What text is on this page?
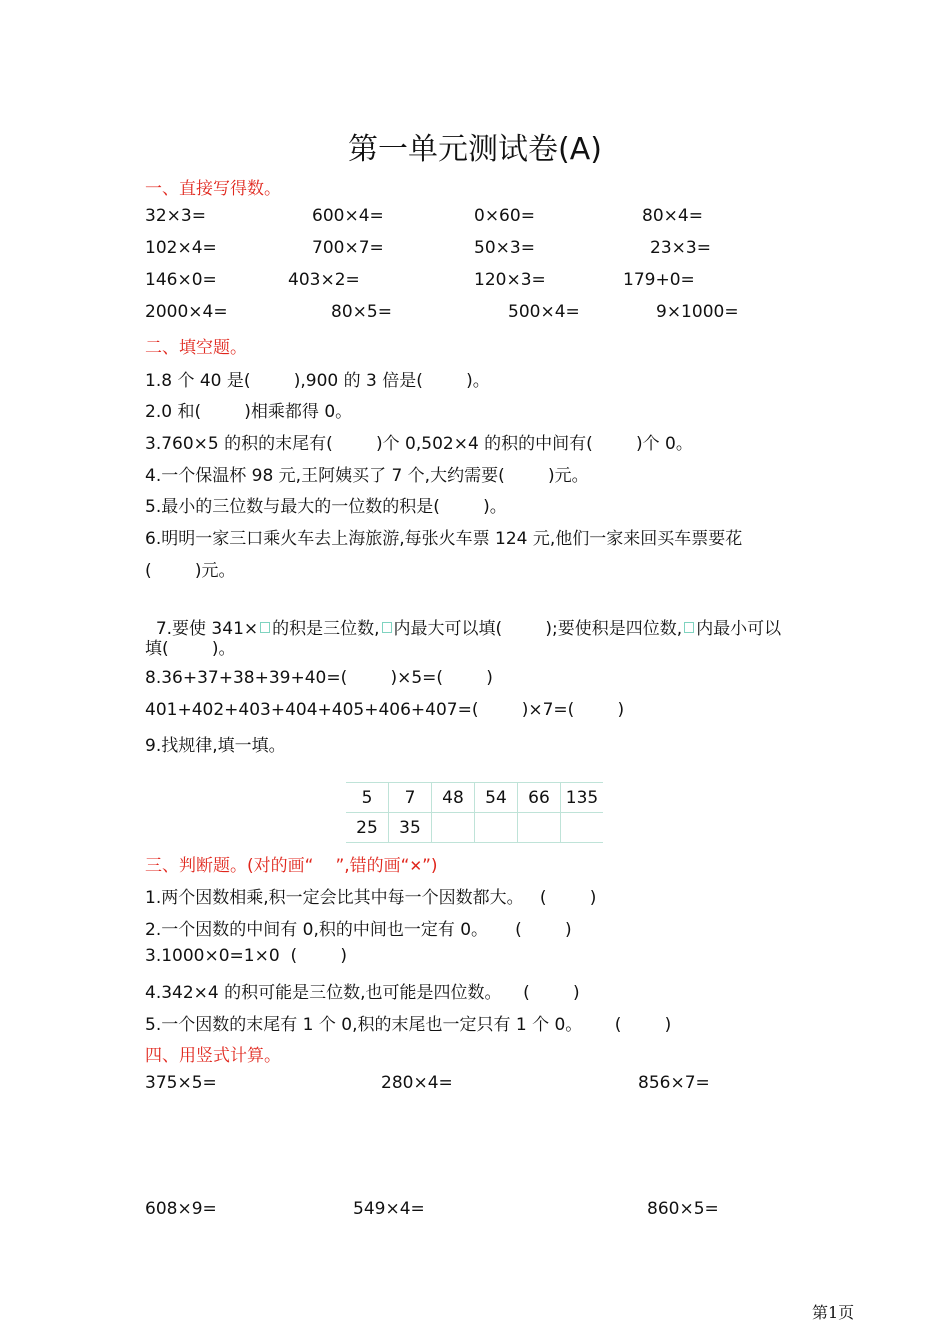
第一单元测试卷(A)
一、直接写得数。
32×3=	600×4=	0×60=	80×4=
102×4=	700×7=	50×3=	23×3=
146×0=	403×2=	120×3=	179+0=
2000×4=	80×5=	500×4=	9×1000=
二、填空题。
1.8 个 40 是(        ),900 的 3 倍是(        )。
2.0 和(        )相乘都得 0。
3.760×5 的积的末尾有(        )个 0,502×4 的积的中间有(        )个 0。
4.一个保温杯 98 元,王阿姨买了 7 个,大约需要(        )元。
5.最小的三位数与最大的一位数的积是(        )。
6.明明一家三口乘火车去上海旅游,每张火车票 124 元,他们一家来回买车票要花
(        )元。

7.要使 341× 的积是三位数, 内最大可以填(        );要使积是四位数, 内最小可以

填(        )。
8.36+37+38+39+40=(        )×5=(        )
401+402+403+404+405+406+407=(        )×7=(        )
9.找规律,填一填。
5	7	48	54	66	135
25	35				
三、判断题。(对的画“ ”,错的画“✕”)
1.两个因数相乘,积一定会比其中每一个因数都大。   (        )
2.一个因数的中间有 0,积的中间也一定有 0。     (        )
3.1000×0=1×0  (        )
4.342×4 的积可能是三位数,也可能是四位数。    (        )
5.一个因数的末尾有 1 个 0,积的末尾也一定只有 1 个 0。      (        )
四、用竖式计算。
375×5=	280×4=	856×7=
608×9=	549×4=	860×5=
第1页
